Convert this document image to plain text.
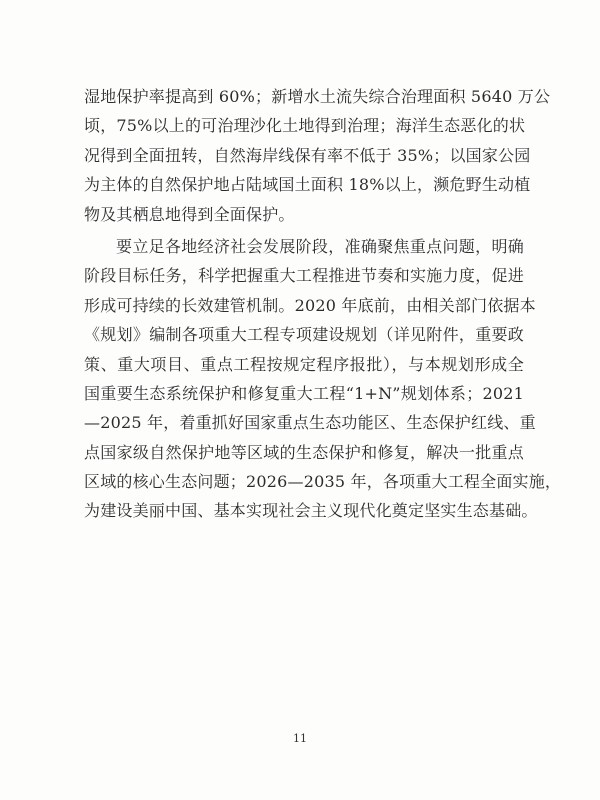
湿地保护率提高到 60%；新增水土流失综合治理面积 5640 万公
顷，75%以上的可治理沙化土地得到治理；海洋生态恶化的状
况得到全面扭转，自然海岸线保有率不低于 35%；以国家公园
为主体的自然保护地占陆域国土面积 18%以上，濒危野生动植
物及其栖息地得到全面保护。
要立足各地经济社会发展阶段，准确聚焦重点问题，明确
阶段目标任务，科学把握重大工程推进节奏和实施力度，促进
形成可持续的长效建管机制。2020 年底前，由相关部门依据本
《规划》编制各项重大工程专项建设规划（详见附件，重要政
策、重大项目、重点工程按规定程序报批），与本规划形成全
国重要生态系统保护和修复重大工程“1+N”规划体系；2021
—2025 年，着重抓好国家重点生态功能区、生态保护红线、重
点国家级自然保护地等区域的生态保护和修复，解决一批重点
区域的核心生态问题；2026—2035 年，各项重大工程全面实施，
为建设美丽中国、基本实现社会主义现代化奠定坚实生态基础。
11
